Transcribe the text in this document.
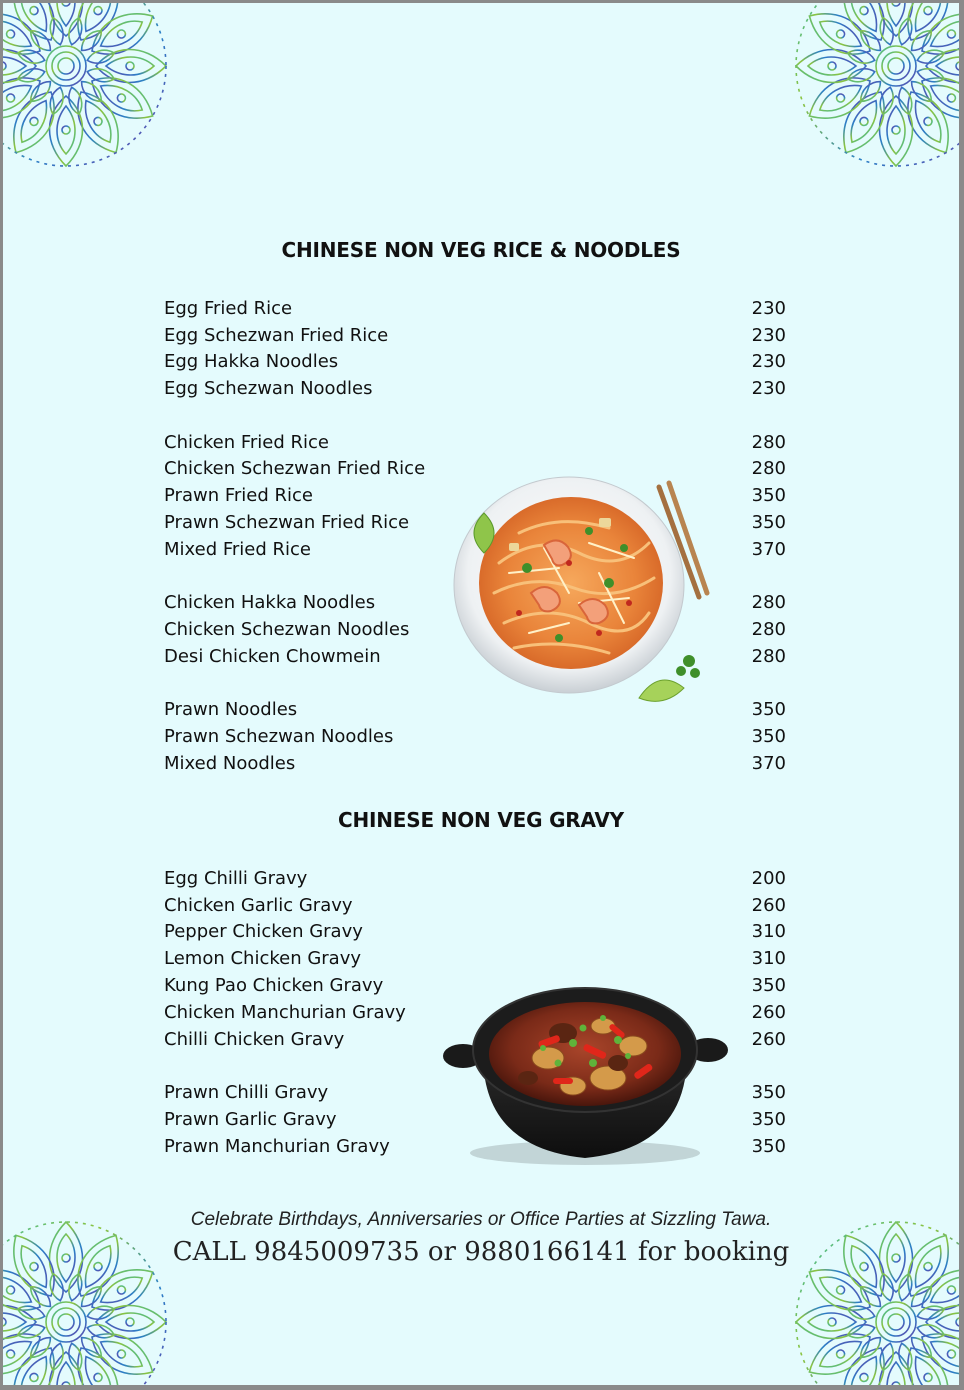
CHINESE NON VEG RICE & NOODLES
Egg Fried Rice	230
Egg Schezwan Fried Rice	230
Egg Hakka Noodles	230
Egg Schezwan Noodles	230
Chicken Fried Rice	280
Chicken Schezwan Fried Rice	280
Prawn Fried Rice	350
Prawn Schezwan Fried Rice	350
Mixed Fried Rice	370
Chicken Hakka Noodles	280
Chicken Schezwan Noodles	280
Desi Chicken Chowmein	280
Prawn Noodles	350
Prawn Schezwan Noodles	350
Mixed Noodles	370
CHINESE NON VEG GRAVY
Egg Chilli Gravy	200
Chicken Garlic Gravy	260
Pepper Chicken Gravy	310
Lemon Chicken Gravy	310
Kung Pao Chicken Gravy	350
Chicken Manchurian Gravy	260
Chilli Chicken Gravy	260
Prawn Chilli Gravy	350
Prawn Garlic Gravy	350
Prawn Manchurian Gravy	350
Celebrate Birthdays, Anniversaries or Office Parties at Sizzling Tawa.
CALL 9845009735 or 9880166141 for booking
